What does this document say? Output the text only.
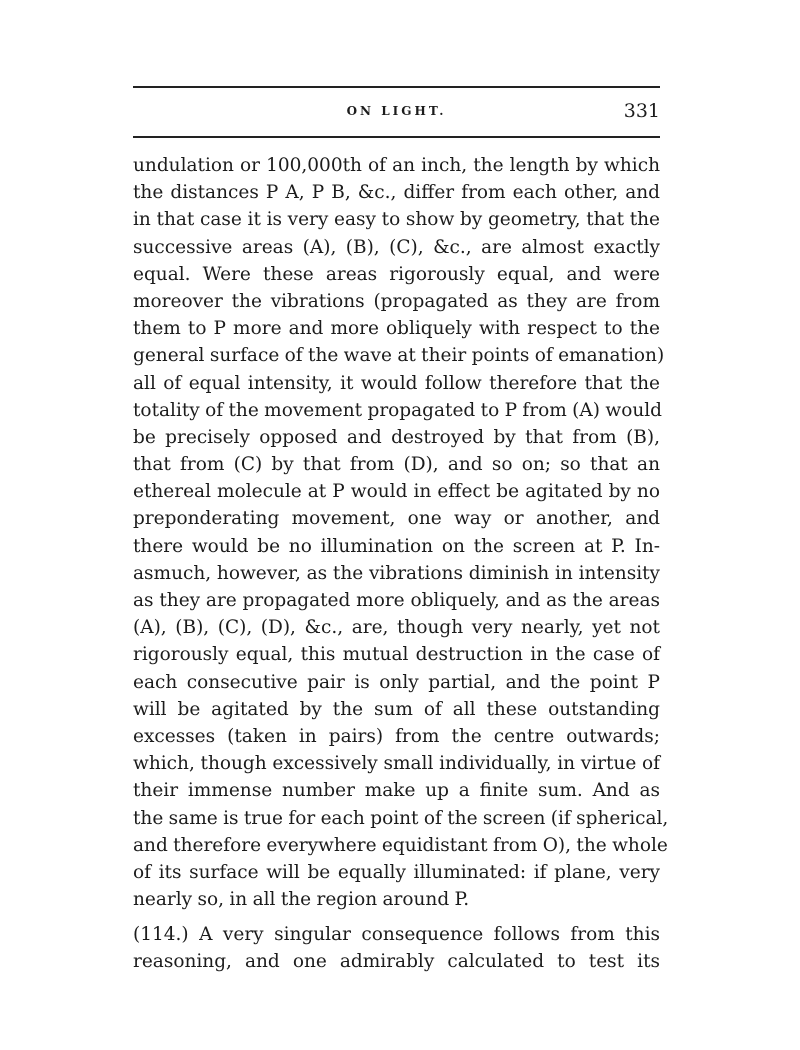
ON LIGHT.	331
undulation or 100,000th of an inch, the length by which
the distances P A, P B, &c., differ from each other, and
in that case it is very easy to show by geometry, that the
successive areas (A), (B), (C), &c., are almost exactly
equal. Were these areas rigorously equal, and were
moreover the vibrations (propagated as they are from
them to P more and more obliquely with respect to the
general surface of the wave at their points of emanation)
all of equal intensity, it would follow therefore that the
totality of the movement propagated to P from (A) would
be precisely opposed and destroyed by that from (B),
that from (C) by that from (D), and so on; so that an
ethereal molecule at P would in effect be agitated by no
preponderating movement, one way or another, and
there would be no illumination on the screen at P. In-
asmuch, however, as the vibrations diminish in intensity
as they are propagated more obliquely, and as the areas
(A), (B), (C), (D), &c., are, though very nearly, yet not
rigorously equal, this mutual destruction in the case of
each consecutive pair is only partial, and the point P
will be agitated by the sum of all these outstanding
excesses (taken in pairs) from the centre outwards;
which, though excessively small individually, in virtue of
their immense number make up a finite sum. And as
the same is true for each point of the screen (if spherical,
and therefore everywhere equidistant from O), the whole
of its surface will be equally illuminated: if plane, very
nearly so, in all the region around P.
(114.) A very singular consequence follows from this
reasoning, and one admirably calculated to test its
